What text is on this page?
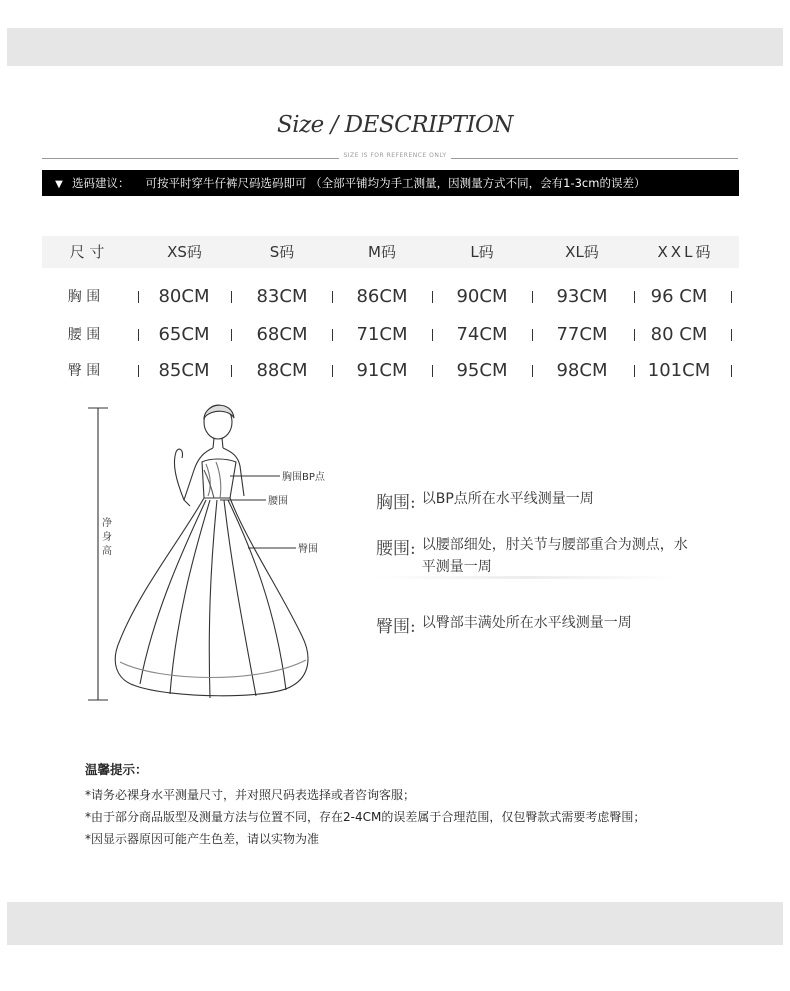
Size / DESCRIPTION
SIZE IS FOR REFERENCE ONLY
▼ 选码建议： 可按平时穿牛仔裤尺码选码即可 （全部平铺均为手工测量，因测量方式不同，会有1-3cm的误差）
尺 寸	XS码	S码	M码	L码	XL码	XXL码
胸 围	80CM	83CM	86CM	90CM	93CM	96 CM
腰 围	65CM	68CM	71CM	74CM	77CM	80 CM
臀 围	85CM	88CM	91CM	95CM	98CM	101CM
胸围BP点
腰围
臀围
净
身
高
胸围: 以BP点所在水平线测量一周
腰围: 以腰部细处，肘关节与腰部重合为测点，水平测量一周
臀围: 以臀部丰满处所在水平线测量一周
温馨提示：
*请务必裸身水平测量尺寸，并对照尺码表选择或者咨询客服；
*由于部分商品版型及测量方法与位置不同，存在2-4CM的误差属于合理范围，仅包臀款式需要考虑臀围；
*因显示器原因可能产生色差，请以实物为准
